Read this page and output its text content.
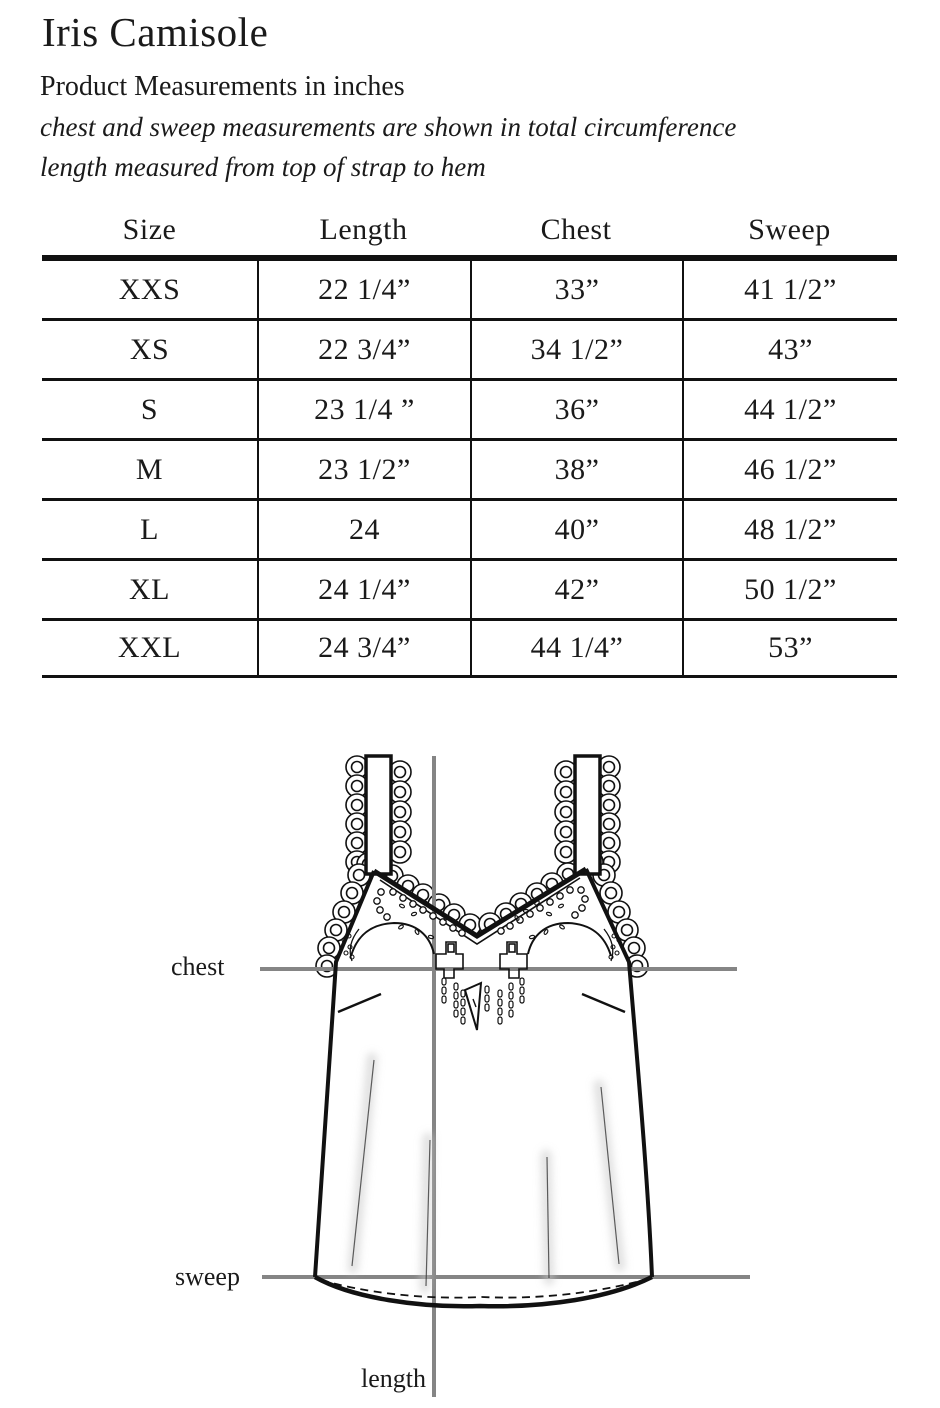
Iris Camisole
Product Measurements in inches
chest and sweep measurements are shown in total circumference
length measured from top of strap to hem
Size	Length	Chest	Sweep
XXS	22 1/4”	33”	41 1/2”
XS	22 3/4”	34 1/2”	43”
S	23 1/4 ”	36”	44 1/2”
M	23 1/2”	38”	46 1/2”
L	24	40”	48 1/2”
XL	24 1/4”	42”	50 1/2”
XXL	24 3/4”	44 1/4”	53”
chest
sweep
length
